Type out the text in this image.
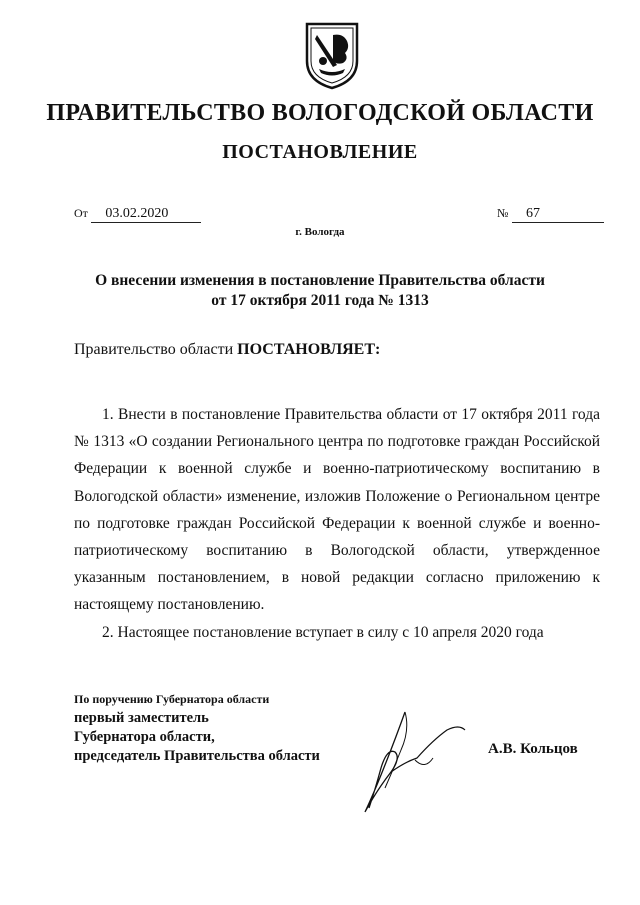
ПРАВИТЕЛЬСТВО ВОЛОГОДСКОЙ ОБЛАСТИ
ПОСТАНОВЛЕНИЕ
От 03.02.2020	№ 67
г. Вологда
О внесении изменения в постановление Правительства области
от 17 октября 2011 года № 1313
Правительство области ПОСТАНОВЛЯЕТ:

1. Внести в постановление Правительства области от 17 октября 2011 года № 1313 «О создании Регионального центра по подготовке граждан Российской Федерации к военной службе и военно-патриотическому воспитанию в Вологодской области» изменение, изложив Положение о Региональном центре по подготовке граждан Российской Федерации к военной службе и военно-патриотическому воспитанию в Вологодской области, утвержденное указанным постановлением, в новой редакции согласно приложению к настоящему постановлению.

2. Настоящее постановление вступает в силу с 10 апреля 2020 года

По поручению Губернатора области
первый заместитель
Губернатора области,
председатель Правительства области	А.В. Кольцов
